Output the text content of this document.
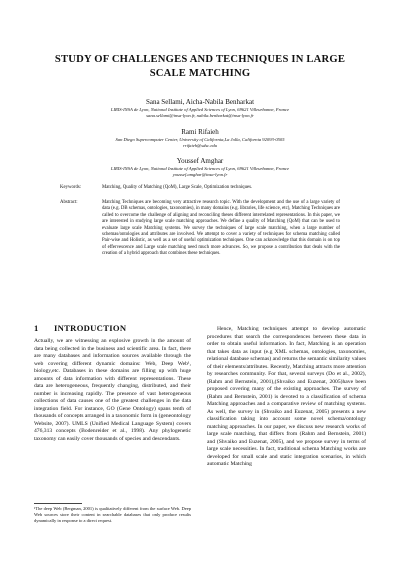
STUDY OF CHALLENGES AND TECHNIQUES IN LARGE SCALE MATCHING
Sana Sellami, Aicha-Nabila Benharkat
LIRIS-INSA de Lyon, National Institute of Applied Sciences of Lyon, 69621 Villeurbanne, France
sana.sellami@insa-lyon.fr, nabila.benharkat@insa-lyon.fr
Rami Rifaieh
San Diego Supercomputer Center, University of California,La Jolla, California 92093-0505
rrifaieh@sdsc.edu
Youssef Amghar
LIRIS-INSA de Lyon, National Institute of Applied Sciences of Lyon, 69621 Villeurbanne, France
youssef.amghar@insa-lyon.fr
Keywords:	Matching, Quality of Matching (QoM), Large Scale, Optimization techniques.
Abstract:	Matching Techniques are becoming very attractive research topic. With the development and the use of a large variety of data (e.g. DB schemas, ontologies, taxonomies), in many domains (e.g. libraries, life science, etc), Matching Techniques are called to overcome the challenge of aligning and reconciling theses different interrelated representations. In this paper, we are interested in studying large scale matching approaches. We define a quality of Matching (QoM) that can be used to evaluate large scale Matching systems. We survey the techniques of large scale matching, when a large number of schemas/ontologies and attributes are involved. We attempt to cover a variety of techniques for schema matching called Pair-wise and Holistic, as well as a set of useful optimization techniques. One can acknowledge that this domain is on top of effervescence and Large scale matching need much more advances. So, we propose a contribution that deals with the creation of a hybrid approach that combines these techniques.
1 INTRODUCTION

Actually, we are witnessing an explosive growth in the amount of data being collected in the business and scientific area. In fact, there are many databases and information sources available through the web covering different dynamic domains: Web, Deep Web¹, biology,etc. Databases in these domains are filling up with huge amounts of data information with different representations. These data are heterogeneous, frequently changing, distributed, and their number is increasing rapidly. The presence of vast heterogeneous collections of data causes one of the greatest challenges in the data integration field. For instance, GO (Gene Ontology) spans tenth of thousands of concepts arranged in a taxonomic form in (geneontology Website, 2007). UMLS (Unified Medical Language System) covers 476,313 concepts (Bodenreider et al., 1998). Any phylogenetic taxonomy can easily cover thousands of species and descendants.

¹The deep Web (Bergman, 2001) is qualitatively different from the surface Web. Deep Web sources store their content in searchable databases that only produce results dynamically in response to a direct request.

Hence, Matching techniques attempt to develop automatic procedures that search the correspondences between these data in order to obtain useful information. In fact, Matching is an operation that takes data as input (e.g XML schemas, ontologies, taxonomies, relational database schemas) and returns the semantic similarity values of their elements/attributes. Recently, Matching attracts more attention by researches community. For that, several surveys (Do et al., 2002),(Rahm and Bernstein, 2001),(Shvaiko and Euzenat, 2005)have been proposed covering many of the existing approaches. The survey of (Rahm and Bernstein, 2001) is devoted to a classification of schema Matching approaches and a comparative review of matching systems. As well, the survey in (Shvaiko and Euzenat, 2005) presents a new classification taking into account some novel schema/ontology matching approaches. In our paper, we discuss new research works of large scale matching, that differs from (Rahm and Bernstein, 2001) and (Shvaiko and Euzenat, 2005), and we propose survey in terms of large scale necessities. In fact, traditional schema Matching works are developed for small scale and static integration scenarios, in which automatic Matching
